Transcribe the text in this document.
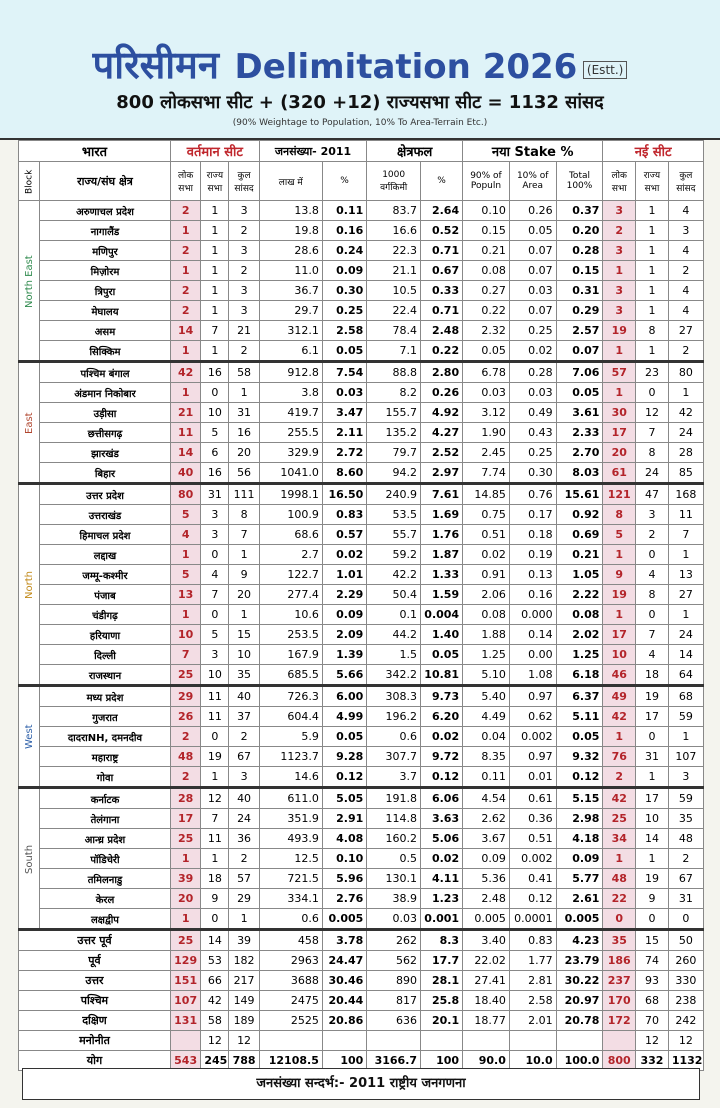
परिसीमन Delimitation 2026 $^{(Estt.)}$
800 लोकसभा सीट + (320 +12) राज्यसभा सीट = 1132 सांसद
(90% Weightage to Population, 10% To Area-Terrain Etc.)
भारत		वर्तमान सीट			जनसंख्या- 2011		क्षेत्रफल		नया Stake %			नई सीट		
Block	राज्य/संघ क्षेत्र	लोक सभा	राज्य सभा	कुल सांसद	लाख में	%	1000 वर्गकिमी	%	90% of Populn	10% of Area	Total 100%	लोक सभा	राज्य सभा	कुल सांसद
North East	अरुणाचल प्रदेश	2	1	3	13.8	0.11	83.7	2.64	0.10	0.26	0.37	3	1	4
	नागालैंड	1	1	2	19.8	0.16	16.6	0.52	0.15	0.05	0.20	2	1	3
	मणिपुर	2	1	3	28.6	0.24	22.3	0.71	0.21	0.07	0.28	3	1	4
	मिज़ोरम	1	1	2	11.0	0.09	21.1	0.67	0.08	0.07	0.15	1	1	2
	त्रिपुरा	2	1	3	36.7	0.30	10.5	0.33	0.27	0.03	0.31	3	1	4
	मेघालय	2	1	3	29.7	0.25	22.4	0.71	0.22	0.07	0.29	3	1	4
	असम	14	7	21	312.1	2.58	78.4	2.48	2.32	0.25	2.57	19	8	27
	सिक्किम	1	1	2	6.1	0.05	7.1	0.22	0.05	0.02	0.07	1	1	2
East	पश्चिम बंगाल	42	16	58	912.8	7.54	88.8	2.80	6.78	0.28	7.06	57	23	80
	अंडमान निकोबार	1	0	1	3.8	0.03	8.2	0.26	0.03	0.03	0.05	1	0	1
	उड़ीसा	21	10	31	419.7	3.47	155.7	4.92	3.12	0.49	3.61	30	12	42
	छत्तीसगढ़	11	5	16	255.5	2.11	135.2	4.27	1.90	0.43	2.33	17	7	24
	झारखंड	14	6	20	329.9	2.72	79.7	2.52	2.45	0.25	2.70	20	8	28
	बिहार	40	16	56	1041.0	8.60	94.2	2.97	7.74	0.30	8.03	61	24	85
North	उत्तर प्रदेश	80	31	111	1998.1	16.50	240.9	7.61	14.85	0.76	15.61	121	47	168
	उत्तराखंड	5	3	8	100.9	0.83	53.5	1.69	0.75	0.17	0.92	8	3	11
	हिमाचल प्रदेश	4	3	7	68.6	0.57	55.7	1.76	0.51	0.18	0.69	5	2	7
	लद्दाख	1	0	1	2.7	0.02	59.2	1.87	0.02	0.19	0.21	1	0	1
	जम्मू-कश्मीर	5	4	9	122.7	1.01	42.2	1.33	0.91	0.13	1.05	9	4	13
	पंजाब	13	7	20	277.4	2.29	50.4	1.59	2.06	0.16	2.22	19	8	27
	चंडीगढ़	1	0	1	10.6	0.09	0.1	0.004	0.08	0.000	0.08	1	0	1
	हरियाणा	10	5	15	253.5	2.09	44.2	1.40	1.88	0.14	2.02	17	7	24
	दिल्ली	7	3	10	167.9	1.39	1.5	0.05	1.25	0.00	1.25	10	4	14
	राजस्थान	25	10	35	685.5	5.66	342.2	10.81	5.10	1.08	6.18	46	18	64
West	मध्य प्रदेश	29	11	40	726.3	6.00	308.3	9.73	5.40	0.97	6.37	49	19	68
	गुजरात	26	11	37	604.4	4.99	196.2	6.20	4.49	0.62	5.11	42	17	59
	दादराNH, दमनदीव	2	0	2	5.9	0.05	0.6	0.02	0.04	0.002	0.05	1	0	1
	महाराष्ट्र	48	19	67	1123.7	9.28	307.7	9.72	8.35	0.97	9.32	76	31	107
	गोवा	2	1	3	14.6	0.12	3.7	0.12	0.11	0.01	0.12	2	1	3
South	कर्नाटक	28	12	40	611.0	5.05	191.8	6.06	4.54	0.61	5.15	42	17	59
	तेलंगाना	17	7	24	351.9	2.91	114.8	3.63	2.62	0.36	2.98	25	10	35
	आन्ध्र प्रदेश	25	11	36	493.9	4.08	160.2	5.06	3.67	0.51	4.18	34	14	48
	पॉडिचेरी	1	1	2	12.5	0.10	0.5	0.02	0.09	0.002	0.09	1	1	2
	तमिलनाडु	39	18	57	721.5	5.96	130.1	4.11	5.36	0.41	5.77	48	19	67
	केरल	20	9	29	334.1	2.76	38.9	1.23	2.48	0.12	2.61	22	9	31
	लक्षद्वीप	1	0	1	0.6	0.005	0.03	0.001	0.005	0.0001	0.005	0	0	0
उत्तर पूर्व		25	14	39	458	3.78	262	8.3	3.40	0.83	4.23	35	15	50
पूर्व		129	53	182	2963	24.47	562	17.7	22.02	1.77	23.79	186	74	260
उत्तर		151	66	217	3688	30.46	890	28.1	27.41	2.81	30.22	237	93	330
पश्चिम		107	42	149	2475	20.44	817	25.8	18.40	2.58	20.97	170	68	238
दक्षिण		131	58	189	2525	20.86	636	20.1	18.77	2.01	20.78	172	70	242
मनोनीत			12	12									12	12
योग		543	245	788	12108.5	100	3166.7	100	90.0	10.0	100.0	800	332	1132
जनसंख्या सन्दर्भ:- 2011 राष्ट्रीय जनगणना
